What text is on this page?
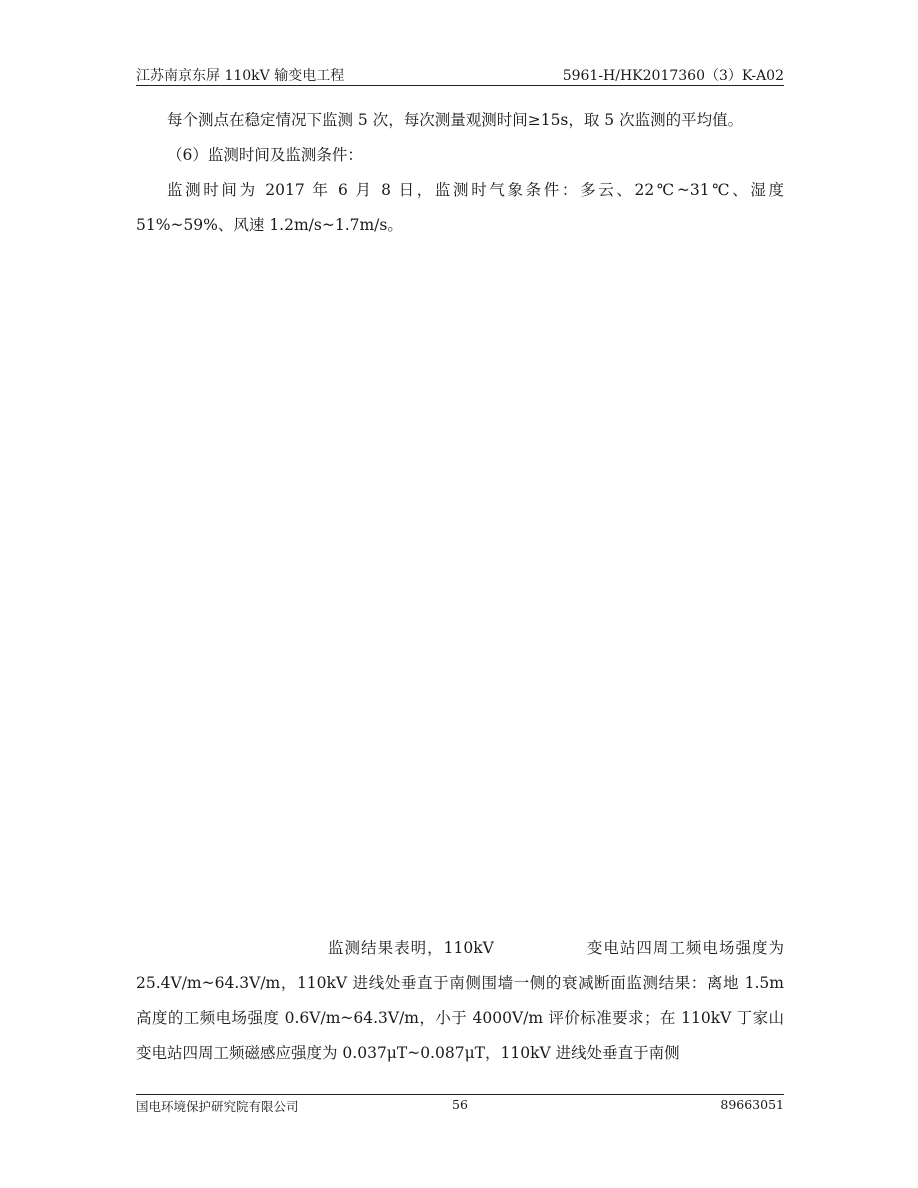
江苏南京东屏 110kV 输变电工程	5961-H/HK2017360（3）K-A02

每个测点在稳定情况下监测 5 次，每次测量观测时间≥15s，取 5 次监测的平均值。

（6）监测时间及监测条件：

监测时间为 2017 年 6 月 8 日，监测时气象条件：多云、22℃~31℃、湿度 51%~59%、风速 1.2m/s~1.7m/s。

监测结果表明，110kV	变电站四周工频电场强度为 25.4V/m~64.3V/m，110kV 进线处垂直于南侧围墙一侧的衰减断面监测结果：离地 1.5m 高度的工频电场强度 0.6V/m~64.3V/m，小于 4000V/m 评价标准要求；在 110kV 丁家山变电站四周工频磁感应强度为 0.037μT~0.087μT，110kV 进线处垂直于南侧

国电环境保护研究院有限公司	56	89663051
